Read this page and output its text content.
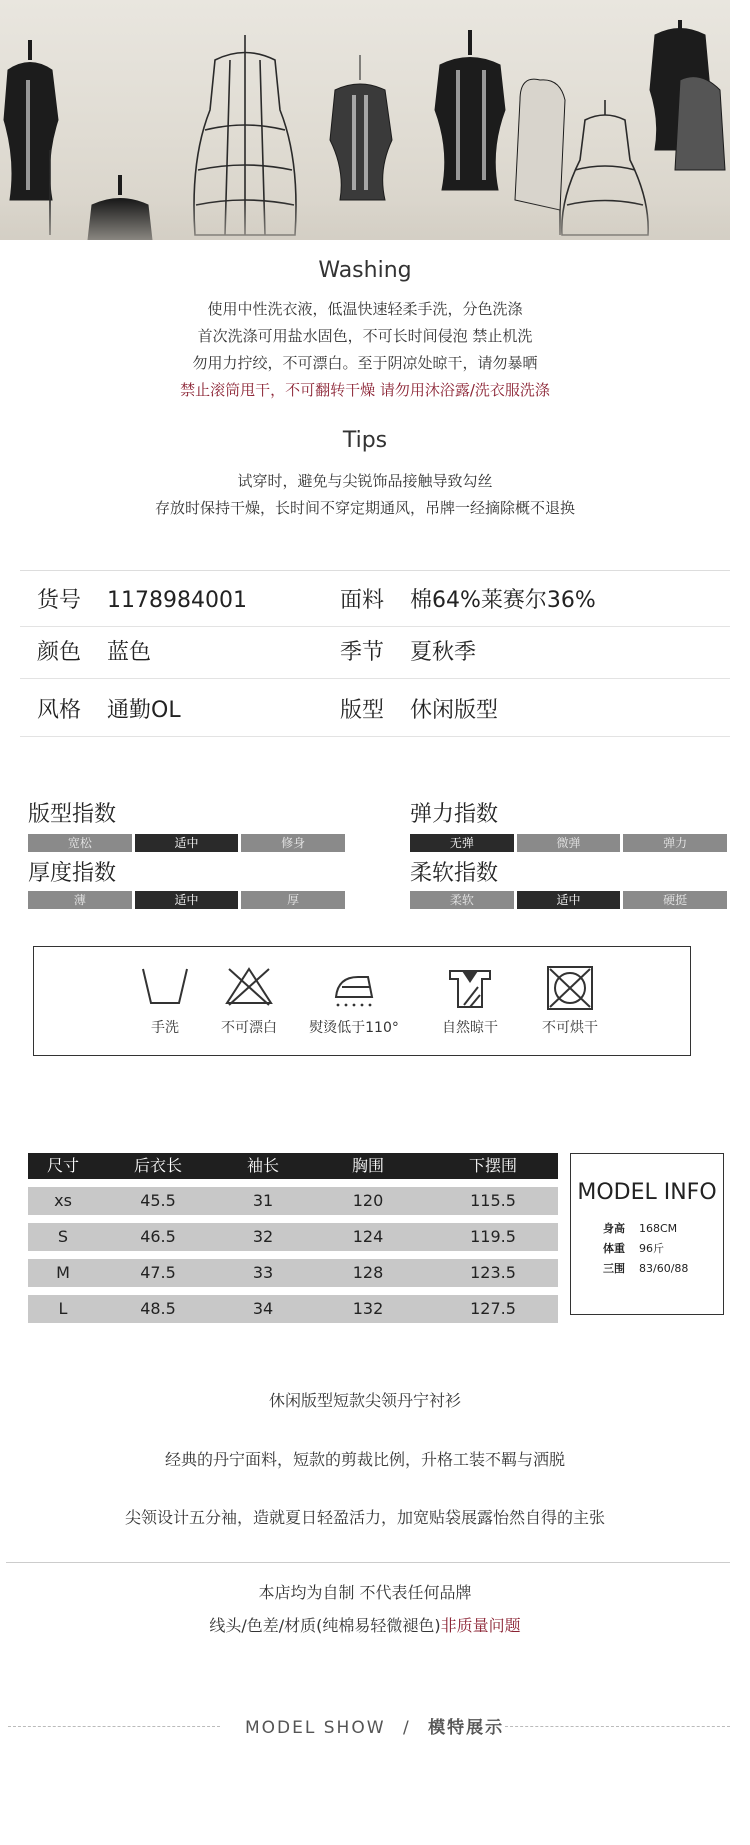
Washing
使用中性洗衣液，低温快速轻柔手洗，分色洗涤
首次洗涤可用盐水固色，不可长时间侵泡 禁止机洗
勿用力拧绞，不可漂白。至于阴凉处晾干，请勿暴晒
禁止滚筒甩干，不可翻转干燥 请勿用沐浴露/洗衣服洗涤
Tips
试穿时，避免与尖锐饰品接触导致勾丝
存放时保持干燥，长时间不穿定期通风，吊牌一经摘除概不退换
货号 1178984001	面料 棉64%莱赛尔36%
颜色 蓝色	季节 夏秋季
风格 通勤OL	版型 休闲版型
版型指数
宽松	适中	修身
弹力指数
无弹	微弹	弹力
厚度指数
薄	适中	厚
柔软指数
柔软	适中	硬挺
手洗	不可漂白	熨烫低于110°	自然晾干	不可烘干
尺寸	后衣长	袖长	胸围	下摆围
xs	45.5	31	120	115.5
S	46.5	32	124	119.5
M	47.5	33	128	123.5
L	48.5	34	132	127.5
MODEL INFO
身高 168CM
体重 96斤
三围 83/60/88
休闲版型短款尖领丹宁衬衫
经典的丹宁面料，短款的剪裁比例，升格工装不羁与洒脱
尖领设计五分袖，造就夏日轻盈活力，加宽贴袋展露怡然自得的主张
本店均为自制 不代表任何品牌
线头/色差/材质(纯棉易轻微褪色)非质量问题
MODEL SHOW / 模特展示
